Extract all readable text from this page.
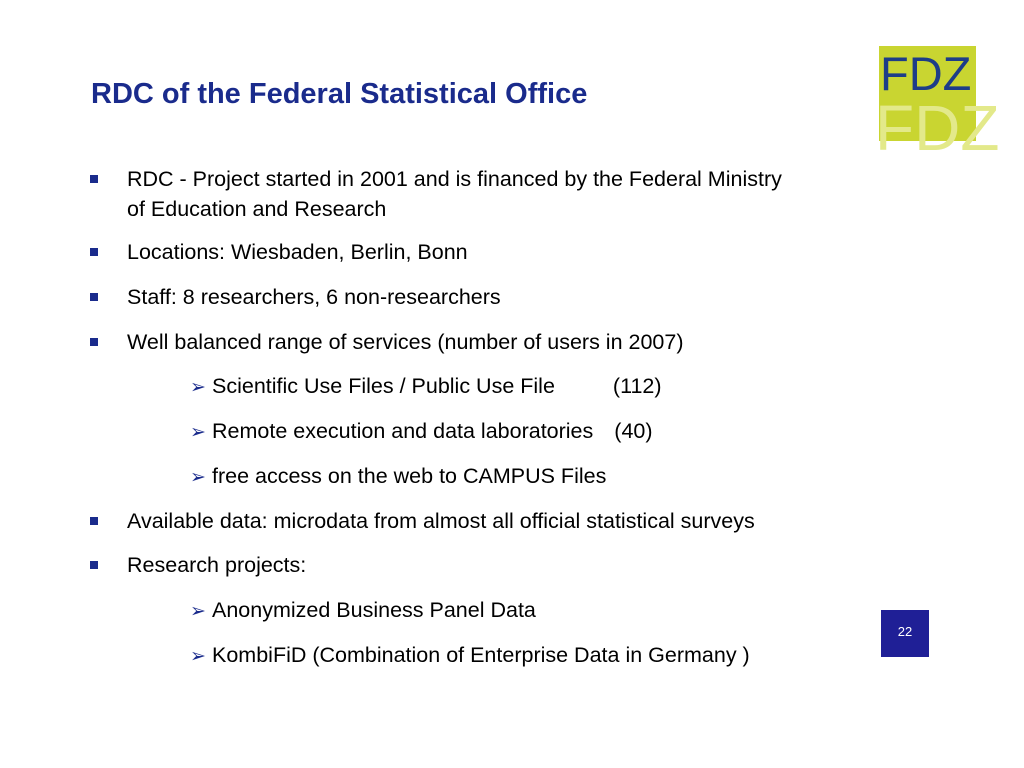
RDC of the Federal Statistical Office	FDZ
FDZ
RDC - Project started in 2001 and is financed by the Federal Ministry
of Education and Research
Locations: Wiesbaden, Berlin, Bonn
Staff: 8 researchers, 6 non-researchers
Well balanced range of services (number of users in 2007)
➢ Scientific Use Files / Public Use File	(112)
➢ Remote execution and data laboratories (40)
➢ free access on the web to CAMPUS Files
Available data: microdata from almost all official statistical surveys
Research projects:
➢ Anonymized Business Panel Data
➢ KombiFiD (Combination of Enterprise Data in Germany )
22
